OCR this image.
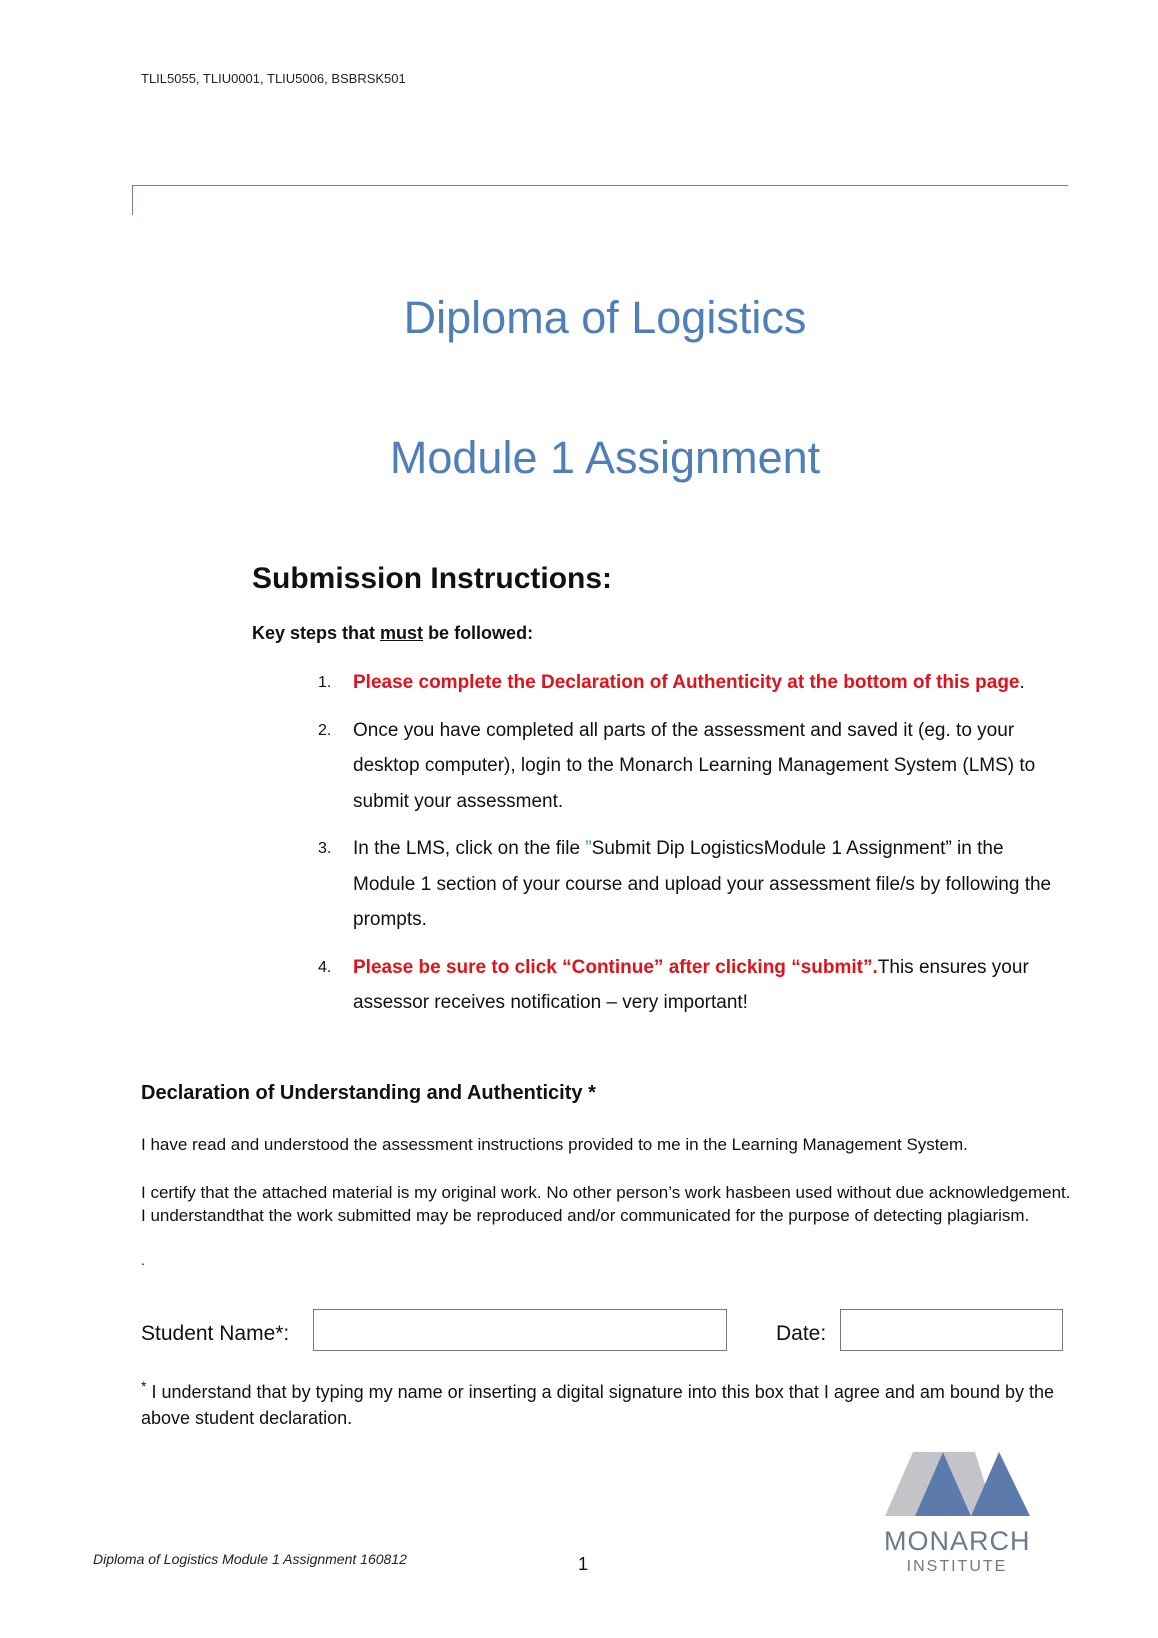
TLIL5055, TLIU0001, TLIU5006, BSBRSK501
Diploma of Logistics
Module 1 Assignment
Submission Instructions:
Key steps that must be followed:
1. Please complete the Declaration of Authenticity at the bottom of this page.
2. Once you have completed all parts of the assessment and saved it (eg. to your desktop computer), login to the Monarch Learning Management System (LMS) to submit your assessment.
3. In the LMS, click on the file ”Submit Dip LogisticsModule 1 Assignment” in the Module 1 section of your course and upload your assessment file/s by following the prompts.
4. Please be sure to click “Continue” after clicking “submit”.This ensures your assessor receives notification – very important!
Declaration of Understanding and Authenticity *
I have read and understood the assessment instructions provided to me in the Learning Management System.
I certify that the attached material is my original work. No other person’s work hasbeen used without due acknowledgement. I understandthat the work submitted may be reproduced and/or communicated for the purpose of detecting plagiarism.
.
Student Name*:	Date:
* I understand that by typing my name or inserting a digital signature into this box that I agree and am bound by the above student declaration.
Diploma of Logistics Module 1 Assignment 160812	1
MONARCH
INSTITUTE
